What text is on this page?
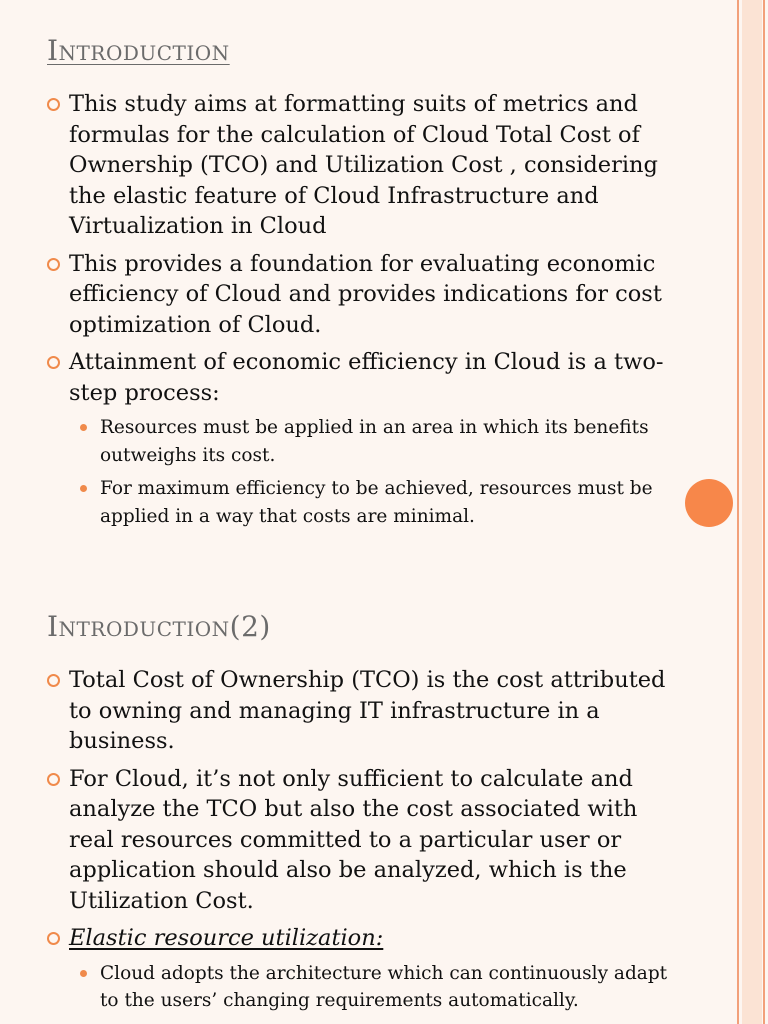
Introduction
This study aims at formatting suits of metrics and formulas for the calculation of Cloud Total Cost of Ownership (TCO) and Utilization Cost , considering the elastic feature of Cloud Infrastructure and Virtualization in Cloud
This provides a foundation for evaluating economic efficiency of Cloud and provides indications for cost optimization of Cloud.
Attainment of economic efficiency in Cloud is a two-step process:
Resources must be applied in an area in which its benefits outweighs its cost.
For maximum efficiency to be achieved, resources must be applied in a way that costs are minimal.
Introduction(2)
Total Cost of Ownership (TCO) is the cost attributed to owning and managing IT infrastructure in a business.
For Cloud, it’s not only sufficient to calculate and analyze the TCO but also the cost associated with real resources committed to a particular user or application should also be analyzed, which is the Utilization Cost.
Elastic resource utilization:
Cloud adopts the architecture which can continuously adapt to the users’ changing requirements automatically.
